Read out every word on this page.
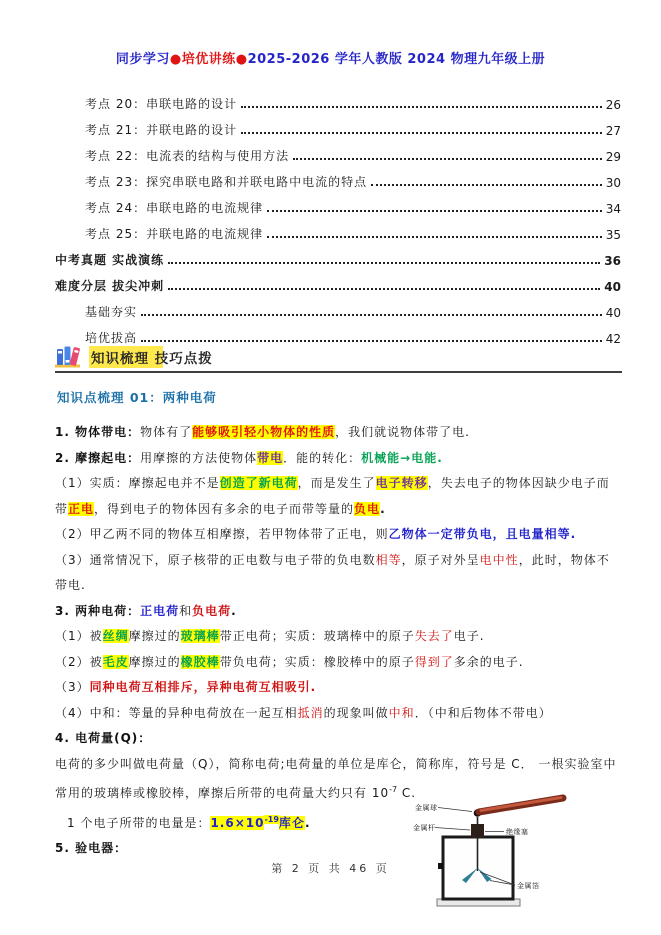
同步学习●培优讲练●2025-2026 学年人教版 2024 物理九年级上册
考点 20：串联电路的设计	26
考点 21：并联电路的设计	27
考点 22：电流表的结构与使用方法	29
考点 23：探究串联电路和并联电路中电流的特点	30
考点 24：串联电路的电流规律	34
考点 25：并联电路的电流规律	35
中考真题 实战演练	36
难度分层 拔尖冲刺	40
基础夯实	40
培优拔高	42
知识梳理 技巧点拨
知识点梳理 01：两种电荷

1. 物体带电：物体有了能够吸引轻小物体的性质，我们就说物体带了电.

2. 摩擦起电：用摩擦的方法使物体带电．能的转化：机械能→电能.

（1）实质：摩擦起电并不是创造了新电荷，而是发生了电子转移，失去电子的物体因缺少电子而带正电，得到电子的物体因有多余的电子而带等量的负电.

（2）甲乙两不同的物体互相摩擦，若甲物体带了正电，则乙物体一定带负电，且电量相等.

（3）通常情况下，原子核带的正电数与电子带的负电数相等，原子对外呈电中性，此时，物体不带电.

3. 两种电荷：正电荷和负电荷.

（1）被丝绸摩擦过的玻璃棒带正电荷；实质：玻璃棒中的原子失去了电子.

（2）被毛皮摩擦过的橡胶棒带负电荷；实质：橡胶棒中的原子得到了多余的电子.

（3）同种电荷互相排斥，异种电荷互相吸引.

（4）中和：等量的异种电荷放在一起互相抵消的现象叫做中和．（中和后物体不带电）

4. 电荷量(Q)：

电荷的多少叫做电荷量（Q），简称电荷;电荷量的单位是库仑，简称库，符号是 C． 一根实验室中常用的玻璃棒或橡胶棒，摩擦后所带的电荷量大约只有 $10^{-7}$ C.

1 个电子所带的电量是：$1.6\times 10^{-19}$库仑.

5. 验电器：

金属球
金属杆	绝缘塞
金属箔
第 2 页 共 46 页
